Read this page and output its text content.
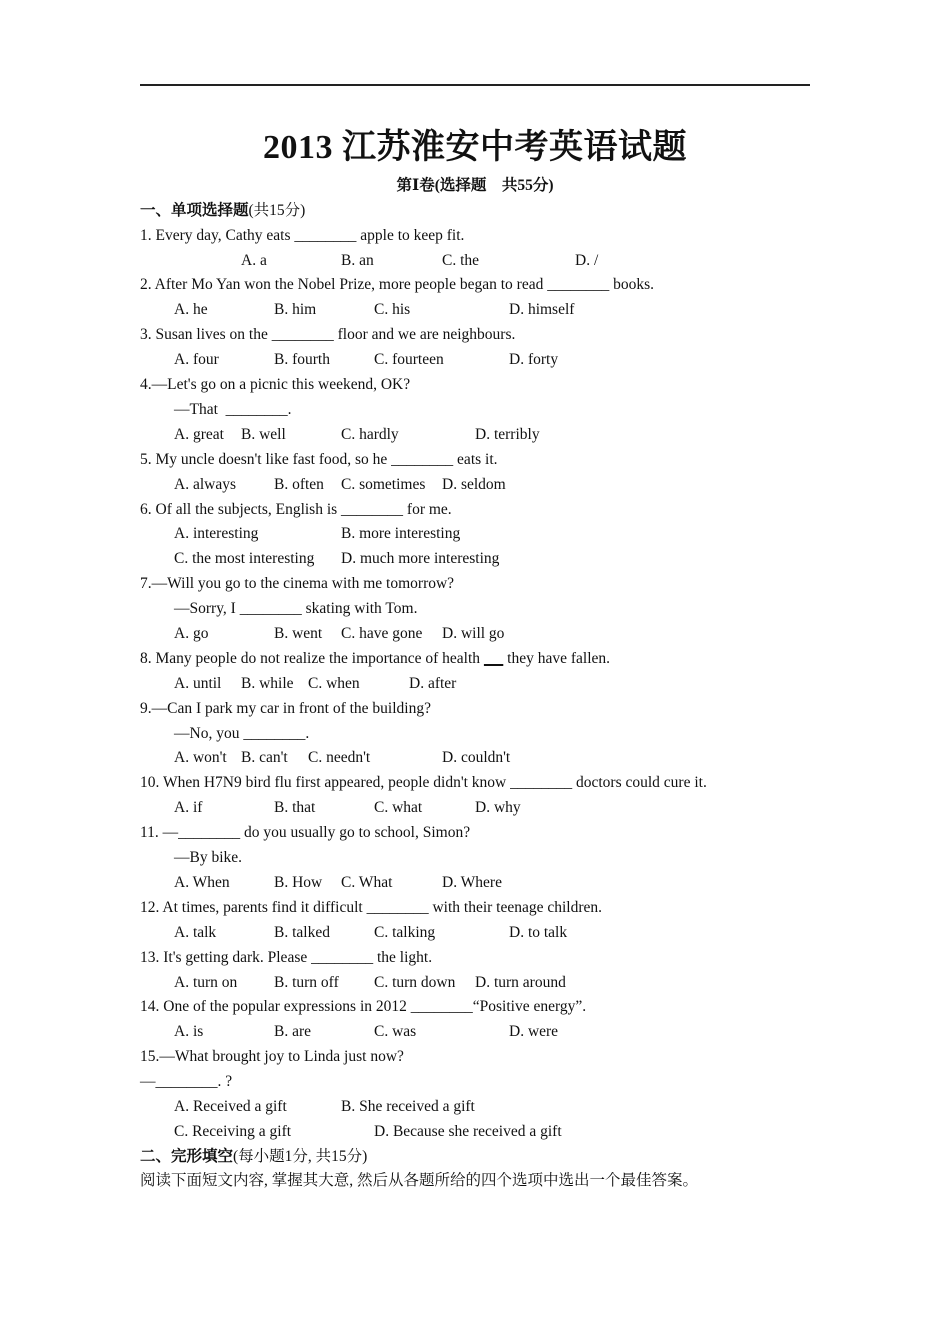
2013 江苏淮安中考英语试题
第Ⅰ卷(选择题　共55分)
一、单项选择题(共15分)
1. Every day, Cathy eats ________ apple to keep fit.
A. a	B. an	C. the	D. /
2. After Mo Yan won the Nobel Prize, more people began to read ________ books.
A. he	B. him	C. his	D. himself
3. Susan lives on the ________ floor and we are neighbours.
A. four	B. fourth	C. fourteen	D. forty
4.—Let's go on a picnic this weekend, OK?
—That  ________.
A. great B. well	C. hardly	D. terribly
5. My uncle doesn't like fast food, so he ________ eats it.
A. always B. often C. sometimes D. seldom
6. Of all the subjects, English is ________ for me.
A. interesting	B. more interesting
C. the most interesting D. much more interesting
7.—Will you go to the cinema with me tomorrow?
—Sorry, I ________ skating with Tom.
A. go	B. went C. have gone D. will go
8. Many people do not realize the importance of health       they have fallen.
A. until B. while C. when	D. after
9.—Can I park my car in front of the building?
—No, you ________.
A. won't B. can't C. needn't	D. couldn't
10. When H7N9 bird flu first appeared, people didn't know ________ doctors could cure it.
A. if	B. that	C. what	D. why
11. —________ do you usually go to school, Simon?
—By bike.
A. When	B. How C. What	D. Where
12. At times, parents find it difficult ________ with their teenage children.
A. talk	B. talked	C. talking	D. to talk
13. It's getting dark. Please ________ the light.
A. turn on B. turn off C. turn down D. turn around
14. One of the popular expressions in 2012 ________“Positive energy”.
A. is	B. are	C. was	D. were
15.—What brought joy to Linda just now?
—________. ?
A. Received a gift	B. She received a gift
C. Receiving a gift	D. Because she received a gift
二、完形填空(每小题1分, 共15分)
阅读下面短文内容, 掌握其大意, 然后从各题所给的四个选项中选出一个最佳答案。
